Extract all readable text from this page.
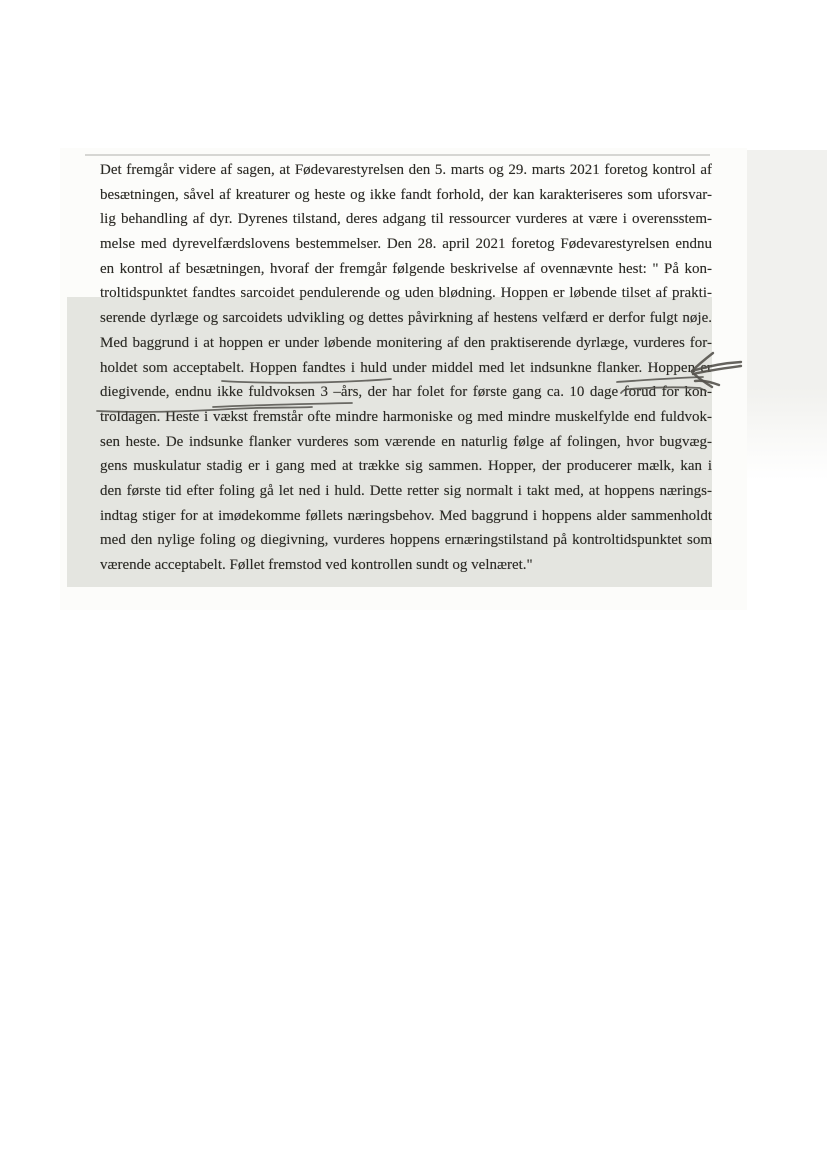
Det fremgår videre af sagen, at Fødevarestyrelsen den 5. marts og 29. marts 2021 foretog kontrol af
besætningen, såvel af kreaturer og heste og ikke fandt forhold, der kan karakteriseres som uforsvar-
lig behandling af dyr. Dyrenes tilstand, deres adgang til ressourcer vurderes at være i overensstem-
melse med dyrevelfærdslovens bestemmelser. Den 28. april 2021 foretog Fødevarestyrelsen endnu
en kontrol af besætningen, hvoraf der fremgår følgende beskrivelse af ovennævnte hest: " På kon-
troltidspunktet fandtes sarcoidet pendulerende og uden blødning. Hoppen er løbende tilset af prakti-
serende dyrlæge og sarcoidets udvikling og dettes påvirkning af hestens velfærd er derfor fulgt nøje.
Med baggrund i at hoppen er under løbende monitering af den praktiserende dyrlæge, vurderes for-
holdet som acceptabelt. Hoppen fandtes i huld under middel med let indsunkne flanker. Hoppen er
diegivende, endnu ikke fuldvoksen 3 –års, der har folet for første gang ca. 10 dage forud for kon-
troldagen. Heste i vækst fremstår ofte mindre harmoniske og med mindre muskelfylde end fuldvok-
sen heste. De indsunke flanker vurderes som værende en naturlig følge af folingen, hvor bugvæg-
gens muskulatur stadig er i gang med at trække sig sammen. Hopper, der producerer mælk, kan i
den første tid efter foling gå let ned i huld. Dette retter sig normalt i takt med, at hoppens nærings-
indtag stiger for at imødekomme føllets næringsbehov. Med baggrund i hoppens alder sammenholdt
med den nylige foling og diegivning, vurderes hoppens ernæringstilstand på kontroltidspunktet som
værende acceptabelt. Føllet fremstod ved kontrollen sundt og velnæret."
